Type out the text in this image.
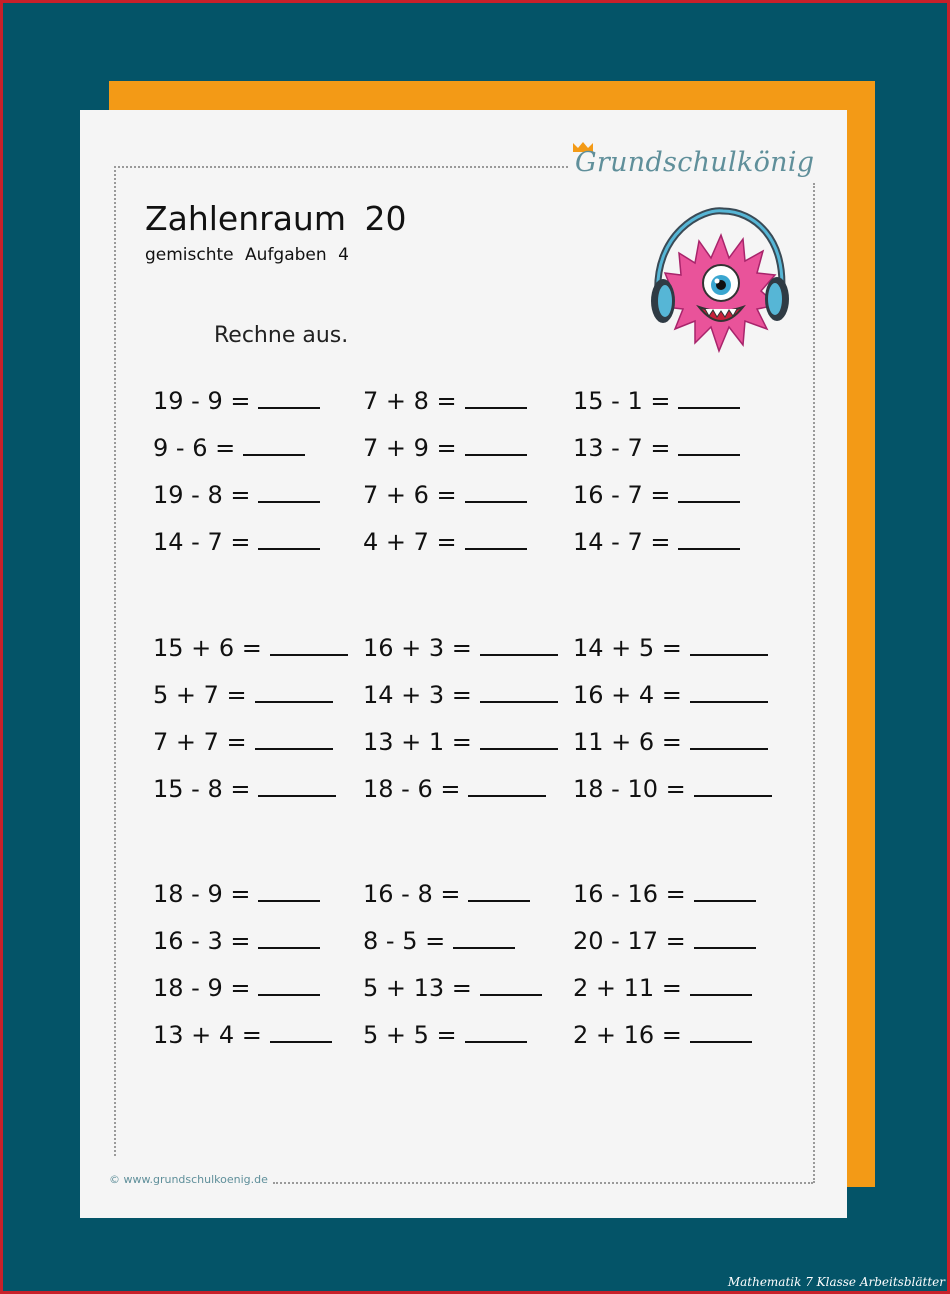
Grundschulkönig
Zahlenraum 20
gemischte Aufgaben 4
Rechne aus.
19 - 9 =	7 + 8 =	15 - 1 =
9 - 6 =	7 + 9 =	13 - 7 =
19 - 8 =	7 + 6 =	16 - 7 =
14 - 7 =	4 + 7 =	14 - 7 =
15 + 6 =	16 + 3 =	14 + 5 =
5 + 7 =	14 + 3 =	16 + 4 =
7 + 7 =	13 + 1 =	11 + 6 =
15 - 8 =	18 - 6 =	18 - 10 =
18 - 9 =	16 - 8 =	16 - 16 =
16 - 3 =	8 - 5 =	20 - 17 =
18 - 9 =	5 + 13 =	2 + 11 =
13 + 4 =	5 + 5 =	2 + 16 =
© www.grundschulkoenig.de
Mathematik 7 Klasse Arbeitsblätter
